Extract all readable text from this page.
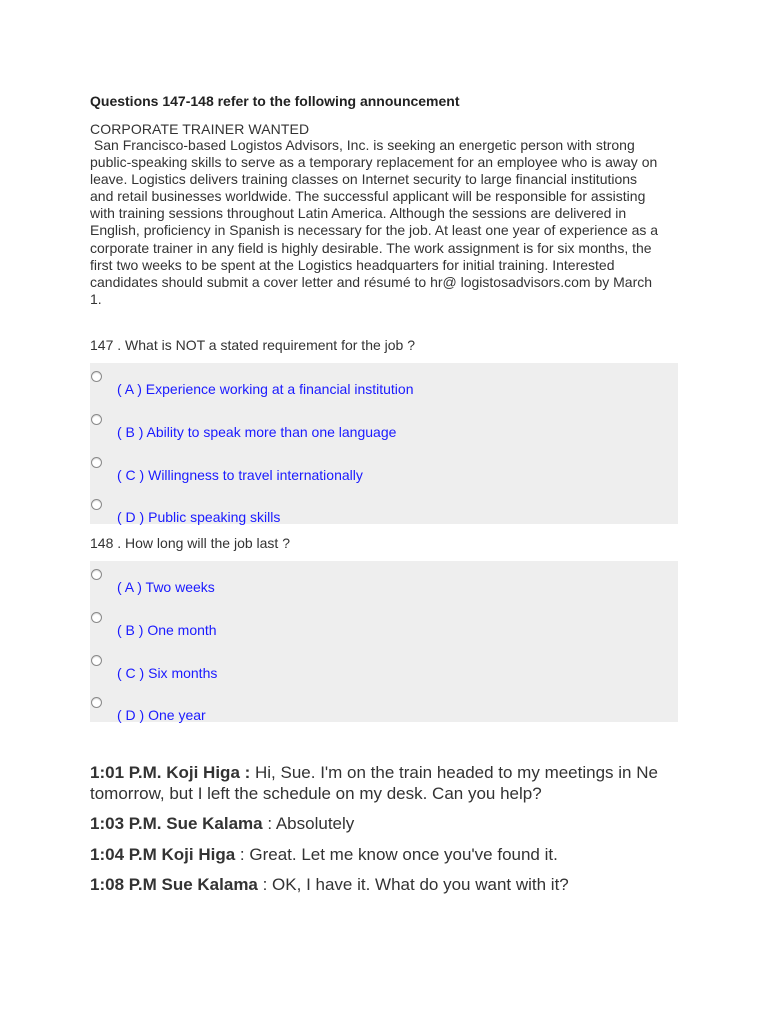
Questions 147-148 refer to the following announcement
CORPORATE TRAINER WANTED
San Francisco-based Logistos Advisors, Inc. is seeking an energetic person with strong
public-speaking skills to serve as a temporary replacement for an employee who is away on
leave. Logistics delivers training classes on Internet security to large financial institutions
and retail businesses worldwide. The successful applicant will be responsible for assisting
with training sessions throughout Latin America. Although the sessions are delivered in
English, proficiency in Spanish is necessary for the job. At least one year of experience as a
corporate trainer in any field is highly desirable. The work assignment is for six months, the
first two weeks to be spent at the Logistics headquarters for initial training. Interested
candidates should submit a cover letter and résumé to hr@ logistosadvisors.com by March
1.
147 . What is NOT a stated requirement for the job ?
( A ) Experience working at a financial institution
( B ) Ability to speak more than one language
( C ) Willingness to travel internationally
( D ) Public speaking skills
148 . How long will the job last ?
( A ) Two weeks
( B ) One month
( C ) Six months
( D ) One year
1:01 P.M. Koji Higa : Hi, Sue. I'm on the train headed to my meetings in Ne tomorrow, but I left the schedule on my desk. Can you help?
1:03 P.M. Sue Kalama : Absolutely
1:04 P.M Koji Higa : Great. Let me know once you've found it.
1:08 P.M Sue Kalama : OK, I have it. What do you want with it?
